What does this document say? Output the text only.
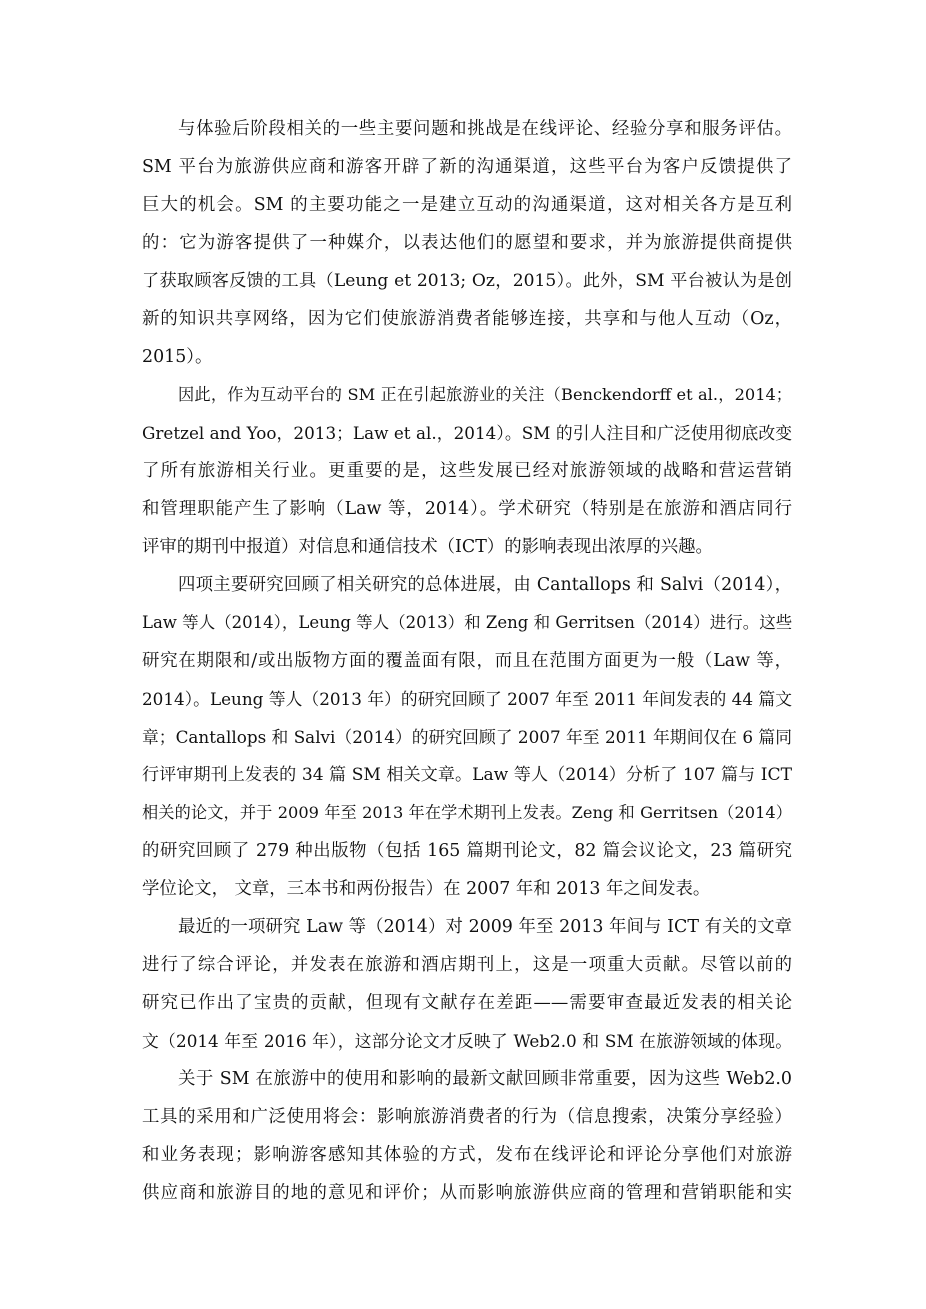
与体验后阶段相关的一些主要问题和挑战是在线评论、经验分享和服务评估。
SM 平台为旅游供应商和游客开辟了新的沟通渠道，这些平台为客户反馈提供了
巨大的机会。SM 的主要功能之一是建立互动的沟通渠道，这对相关各方是互利
的：它为游客提供了一种媒介，以表达他们的愿望和要求，并为旅游提供商提供
了获取顾客反馈的工具（Leung et 2013; Oz，2015）。此外，SM 平台被认为是创
新的知识共享网络，因为它们使旅游消费者能够连接，共享和与他人互动（Oz，
2015）。
因此，作为互动平台的 SM 正在引起旅游业的关注（Benckendorff et al.，2014；
Gretzel and Yoo，2013；Law et al.，2014）。SM 的引人注目和广泛使用彻底改变
了所有旅游相关行业。更重要的是，这些发展已经对旅游领域的战略和营运营销
和管理职能产生了影响（Law 等，2014）。学术研究（特别是在旅游和酒店同行
评审的期刊中报道）对信息和通信技术（ICT）的影响表现出浓厚的兴趣。
四项主要研究回顾了相关研究的总体进展，由 Cantallops 和 Salvi（2014），
Law 等人（2014），Leung 等人（2013）和 Zeng 和 Gerritsen（2014）进行。这些
研究在期限和/或出版物方面的覆盖面有限，而且在范围方面更为一般（Law 等，
2014）。Leung 等人（2013 年）的研究回顾了 2007 年至 2011 年间发表的 44 篇文
章；Cantallops 和 Salvi（2014）的研究回顾了 2007 年至 2011 年期间仅在 6 篇同
行评审期刊上发表的 34 篇 SM 相关文章。Law 等人（2014）分析了 107 篇与 ICT
相关的论文，并于 2009 年至 2013 年在学术期刊上发表。Zeng 和 Gerritsen（2014）
的研究回顾了 279 种出版物（包括 165 篇期刊论文，82 篇会议论文，23 篇研究
学位论文， 文章，三本书和两份报告）在 2007 年和 2013 年之间发表。
最近的一项研究 Law 等（2014）对 2009 年至 2013 年间与 ICT 有关的文章
进行了综合评论，并发表在旅游和酒店期刊上，这是一项重大贡献。尽管以前的
研究已作出了宝贵的贡献，但现有文献存在差距——需要审查最近发表的相关论
文（2014 年至 2016 年），这部分论文才反映了 Web2.0 和 SM 在旅游领域的体现。
关于 SM 在旅游中的使用和影响的最新文献回顾非常重要，因为这些 Web2.0
工具的采用和广泛使用将会：影响旅游消费者的行为（信息搜索，决策分享经验）
和业务表现；影响游客感知其体验的方式，发布在线评论和评论分享他们对旅游
供应商和旅游目的地的意见和评价；从而影响旅游供应商的管理和营销职能和实
